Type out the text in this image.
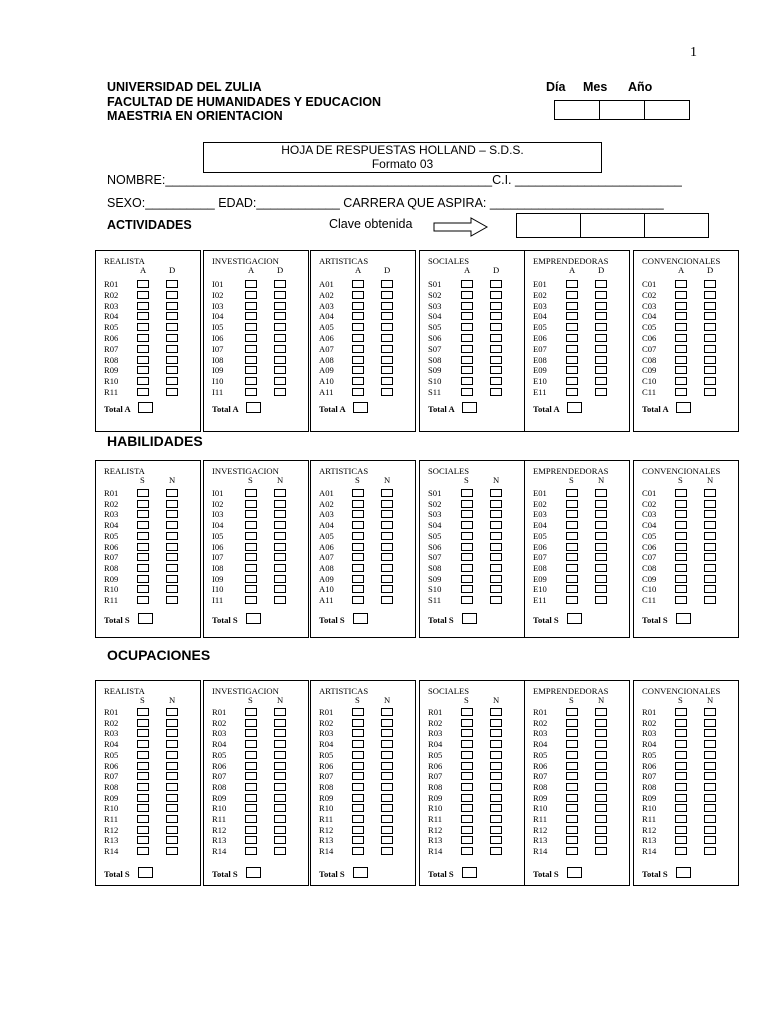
1
UNIVERSIDAD DEL ZULIA
FACULTAD DE HUMANIDADES Y EDUCACION
MAESTRIA EN ORIENTACION
Día Mes Año
HOJA DE RESPUESTAS HOLLAND – S.D.S.
Formato 03
NOMBRE:_______________________________________________C.I. ________________________
SEXO:__________ EDAD:____________ CARRERA QUE ASPIRA: _________________________
ACTIVIDADES	Clave obtenida
HABILIDADES
OCUPACIONES
REALISTA
A	D
R01
R02
R03
R04
R05
R06
R07
R08
R09
R10
R11
Total A
INVESTIGACION
A	D
I01
I02
I03
I04
I05
I06
I07
I08
I09
I10
I11
Total A
ARTISTICAS
A	D
A01
A02
A03
A04
A05
A06
A07
A08
A09
A10
A11
Total A
SOCIALES
A	D
S01
S02
S03
S04
S05
S06
S07
S08
S09
S10
S11
Total A
EMPRENDEDORAS
A	D
E01
E02
E03
E04
E05
E06
E07
E08
E09
E10
E11
Total A
CONVENCIONALES
A	D
C01
C02
C03
C04
C05
C06
C07
C08
C09
C10
C11
Total A
REALISTA
S	N
R01
R02
R03
R04
R05
R06
R07
R08
R09
R10
R11
Total S
INVESTIGACION
S	N
I01
I02
I03
I04
I05
I06
I07
I08
I09
I10
I11
Total S
ARTISTICAS
S	N
A01
A02
A03
A04
A05
A06
A07
A08
A09
A10
A11
Total S
SOCIALES
S	N
S01
S02
S03
S04
S05
S06
S07
S08
S09
S10
S11
Total S
EMPRENDEDORAS
S	N
E01
E02
E03
E04
E05
E06
E07
E08
E09
E10
E11
Total S
CONVENCIONALES
S	N
C01
C02
C03
C04
C05
C06
C07
C08
C09
C10
C11
Total S
REALISTA
S	N
R01
R02
R03
R04
R05
R06
R07
R08
R09
R10
R11
R12
R13
R14
Total S
INVESTIGACION
S	N
R01
R02
R03
R04
R05
R06
R07
R08
R09
R10
R11
R12
R13
R14
Total S
ARTISTICAS
S	N
R01
R02
R03
R04
R05
R06
R07
R08
R09
R10
R11
R12
R13
R14
Total S
SOCIALES
S	N
R01
R02
R03
R04
R05
R06
R07
R08
R09
R10
R11
R12
R13
R14
Total S
EMPRENDEDORAS
S	N
R01
R02
R03
R04
R05
R06
R07
R08
R09
R10
R11
R12
R13
R14
Total S
CONVENCIONALES
S	N
R01
R02
R03
R04
R05
R06
R07
R08
R09
R10
R11
R12
R13
R14
Total S
